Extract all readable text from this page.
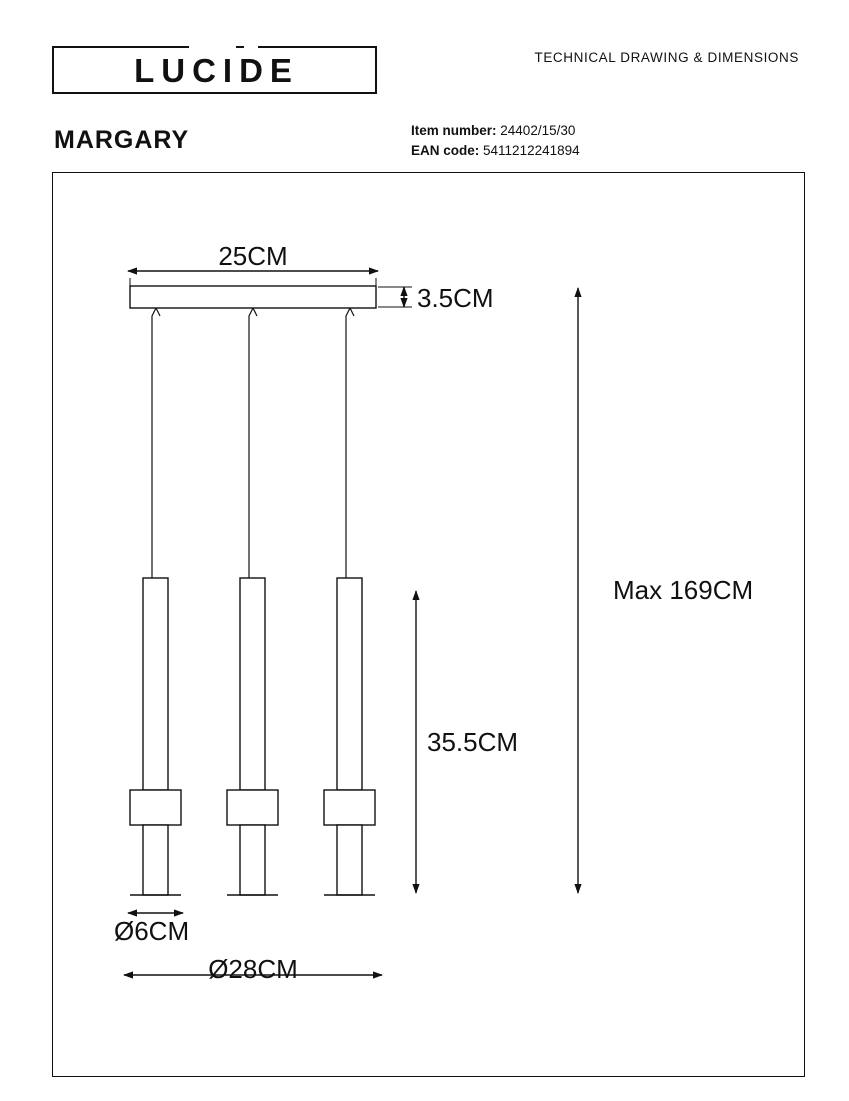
LUCIDE	TECHNICAL DRAWING & DIMENSIONS
MARGARY	Item number: 24402/15/30
EAN code: 5411212241894
25CM
3.5CM
Max 169CM
35.5CM
Ø6CM
Ø28CM
